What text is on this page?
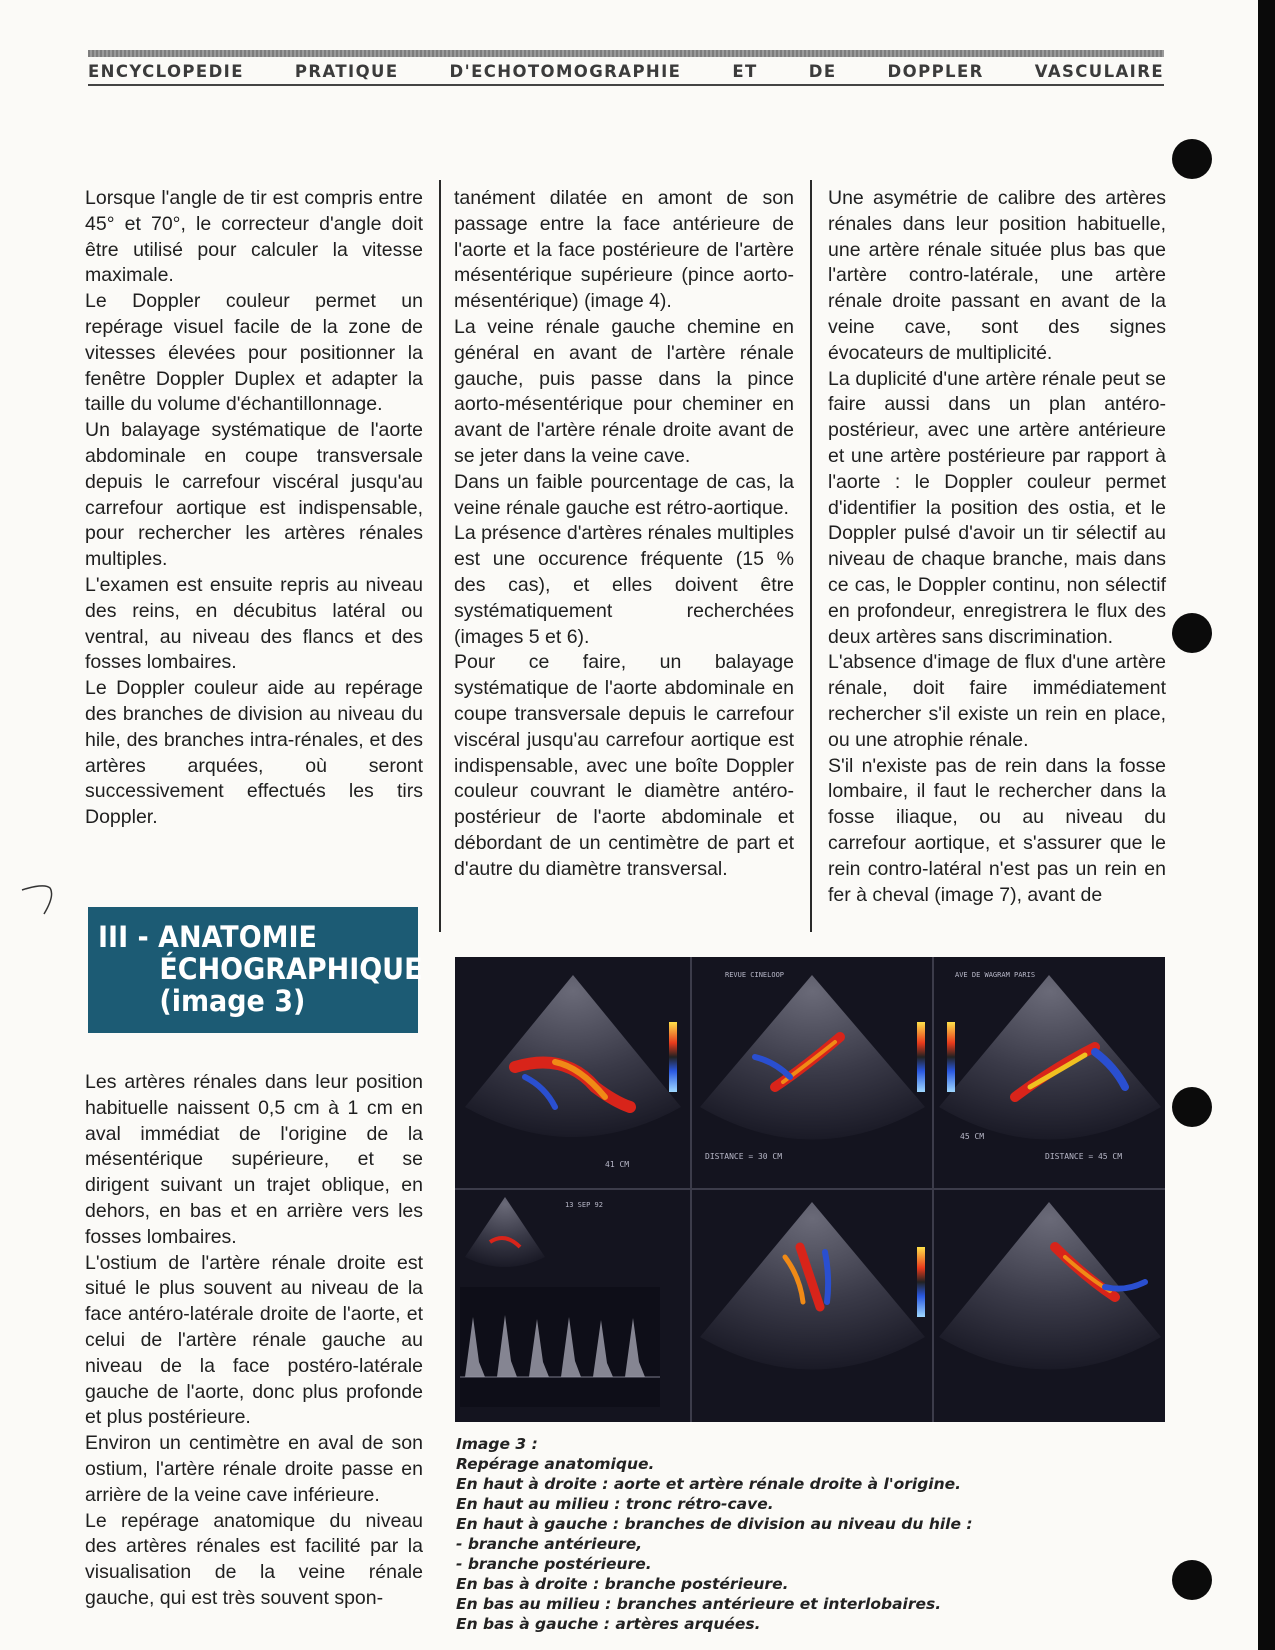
ENCYCLOPEDIE PRATIQUE D'ECHOTOMOGRAPHIE ET DE DOPPLER VASCULAIRE

Lorsque l'angle de tir est compris entre 45° et 70°, le correcteur d'angle doit être utilisé pour calculer la vitesse maximale.

Le Doppler couleur permet un repérage visuel facile de la zone de vitesses élevées pour positionner la fenêtre Doppler Duplex et adapter la taille du volume d'échantillonnage.

Un balayage systématique de l'aorte abdominale en coupe transversale depuis le carrefour viscéral jusqu'au carrefour aortique est indispensable, pour rechercher les artères rénales multiples.

L'examen est ensuite repris au niveau des reins, en décubitus latéral ou ventral, au niveau des flancs et des fosses lombaires.

Le Doppler couleur aide au repérage des branches de division au niveau du hile, des branches intra-rénales, et des artères arquées, où seront successivement effectués les tirs Doppler.

III - ANATOMIE
ÉCHOGRAPHIQUE
(image 3)

Les artères rénales dans leur position habituelle naissent 0,5 cm à 1 cm en aval immédiat de l'origine de la mésentérique supérieure, et se dirigent suivant un trajet oblique, en dehors, en bas et en arrière vers les fosses lombaires.

L'ostium de l'artère rénale droite est situé le plus souvent au niveau de la face antéro-latérale droite de l'aorte, et celui de l'artère rénale gauche au niveau de la face postéro-latérale gauche de l'aorte, donc plus profonde et plus postérieure.

Environ un centimètre en aval de son ostium, l'artère rénale droite passe en arrière de la veine cave inférieure.

Le repérage anatomique du niveau des artères rénales est facilité par la visualisation de la veine rénale gauche, qui est très souvent spon-

tanément dilatée en amont de son passage entre la face antérieure de l'aorte et la face postérieure de l'artère mésentérique supérieure (pince aorto-mésentérique) (image 4).

La veine rénale gauche chemine en général en avant de l'artère rénale gauche, puis passe dans la pince aorto-mésentérique pour cheminer en avant de l'artère rénale droite avant de se jeter dans la veine cave.

Dans un faible pourcentage de cas, la veine rénale gauche est rétro-aortique.

La présence d'artères rénales multiples est une occurence fréquente (15 % des cas), et elles doivent être systématiquement recherchées (images 5 et 6).

Pour ce faire, un balayage systématique de l'aorte abdominale en coupe transversale depuis le carrefour viscéral jusqu'au carrefour aortique est indispensable, avec une boîte Doppler couleur couvrant le diamètre antéro-postérieur de l'aorte abdominale et débordant de un centimètre de part et d'autre du diamètre transversal.

Une asymétrie de calibre des artères rénales dans leur position habituelle, une artère rénale située plus bas que l'artère contro-latérale, une artère rénale droite passant en avant de la veine cave, sont des signes évocateurs de multiplicité.

La duplicité d'une artère rénale peut se faire aussi dans un plan antéro-postérieur, avec une artère antérieure et une artère postérieure par rapport à l'aorte : le Doppler couleur permet d'identifier la position des ostia, et le Doppler pulsé d'avoir un tir sélectif au niveau de chaque branche, mais dans ce cas, le Doppler continu, non sélectif en profondeur, enregistrera le flux des deux artères sans discrimination.

L'absence d'image de flux d'une artère rénale, doit faire immédiatement rechercher s'il existe un rein en place, ou une atrophie rénale.

S'il n'existe pas de rein dans la fosse lombaire, il faut le rechercher dans la fosse iliaque, ou au niveau du carrefour aortique, et s'assurer que le rein contro-latéral n'est pas un rein en fer à cheval (image 7), avant de

41 CM
DISTANCE = 30 CM
REVUE CINELOOP
45 CM
DISTANCE = 45 CM
AVE DE WAGRAM PARIS
13 SEP 92
Image 3 :
Repérage anatomique.
En haut à droite : aorte et artère rénale droite à l'origine.
En haut au milieu : tronc rétro-cave.
En haut à gauche : branches de division au niveau du hile :
- branche antérieure,
- branche postérieure.
En bas à droite : branche postérieure.
En bas au milieu : branches antérieure et interlobaires.
En bas à gauche : artères arquées.
